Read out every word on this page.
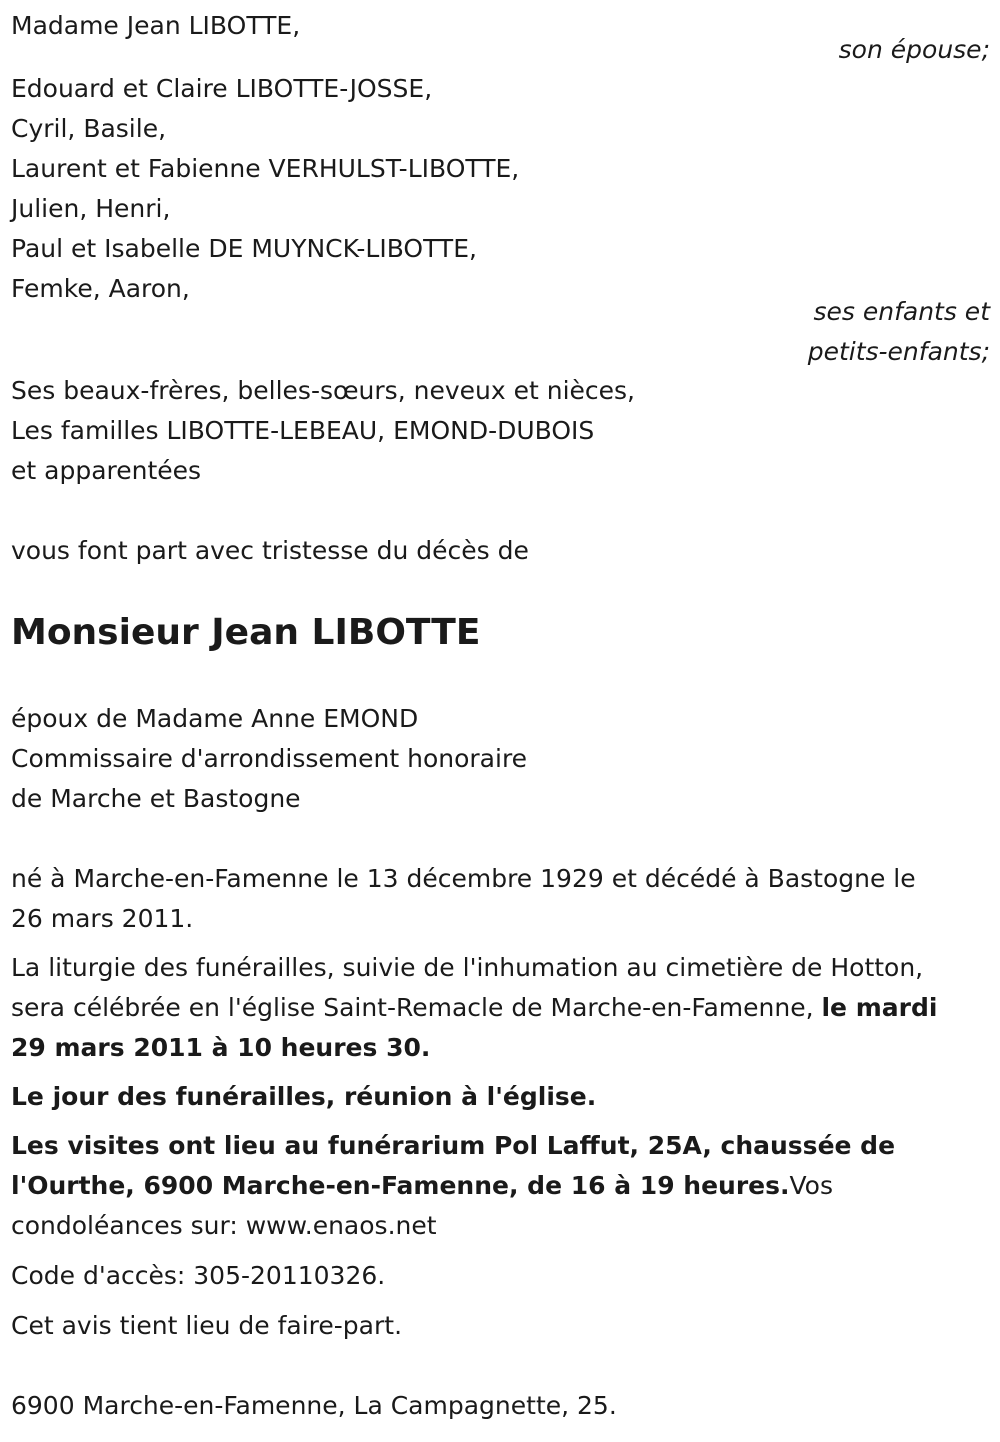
Madame Jean LIBOTTE,
son épouse;
Edouard et Claire LIBOTTE-JOSSE,
Cyril, Basile,
Laurent et Fabienne VERHULST-LIBOTTE,
Julien, Henri,
Paul et Isabelle DE MUYNCK-LIBOTTE,
Femke, Aaron,
ses enfants et
petits-enfants;
Ses beaux-frères, belles-sœurs, neveux et nièces,
Les familles LIBOTTE-LEBEAU, EMOND-DUBOIS
et apparentées
vous font part avec tristesse du décès de
Monsieur Jean LIBOTTE
époux de Madame Anne EMOND
Commissaire d'arrondissement honoraire
de Marche et Bastogne
né à Marche-en-Famenne le 13 décembre 1929 et décédé à Bastogne le
26 mars 2011.
La liturgie des funérailles, suivie de l'inhumation au cimetière de Hotton,
sera célébrée en l'église Saint-Remacle de Marche-en-Famenne, le mardi
29 mars 2011 à 10 heures 30.
Le jour des funérailles, réunion à l'église.
Les visites ont lieu au funérarium Pol Laffut, 25A, chaussée de
l'Ourthe, 6900 Marche-en-Famenne, de 16 à 19 heures.Vos
condoléances sur: www.enaos.net
Code d'accès: 305-20110326.
Cet avis tient lieu de faire-part.
6900 Marche-en-Famenne, La Campagnette, 25.
